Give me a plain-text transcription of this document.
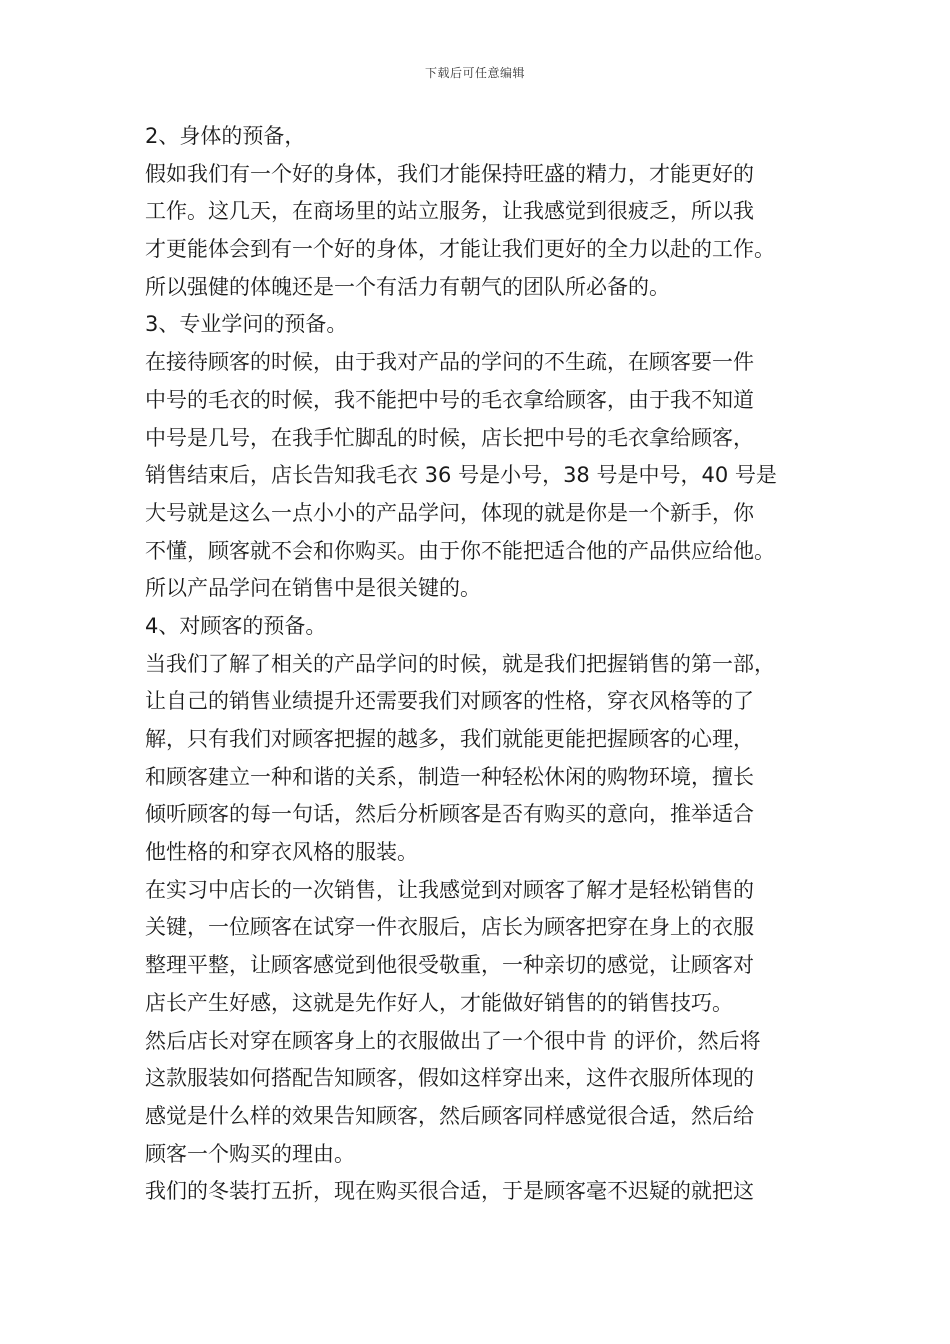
下载后可任意编辑
2、身体的预备，
假如我们有一个好的身体，我们才能保持旺盛的精力，才能更好的
工作。这几天，在商场里的站立服务，让我感觉到很疲乏，所以我
才更能体会到有一个好的身体，才能让我们更好的全力以赴的工作。
所以强健的体魄还是一个有活力有朝气的团队所必备的。
3、专业学问的预备。
在接待顾客的时候，由于我对产品的学问的不生疏，在顾客要一件
中号的毛衣的时候，我不能把中号的毛衣拿给顾客，由于我不知道
中号是几号，在我手忙脚乱的时候，店长把中号的毛衣拿给顾客，
销售结束后，店长告知我毛衣 36 号是小号，38 号是中号，40 号是
大号就是这么一点小小的产品学问，体现的就是你是一个新手，你
不懂，顾客就不会和你购买。由于你不能把适合他的产品供应给他。
所以产品学问在销售中是很关键的。
4、对顾客的预备。
当我们了解了相关的产品学问的时候，就是我们把握销售的第一部，
让自己的销售业绩提升还需要我们对顾客的性格，穿衣风格等的了
解，只有我们对顾客把握的越多，我们就能更能把握顾客的心理，
和顾客建立一种和谐的关系，制造一种轻松休闲的购物环境，擅长
倾听顾客的每一句话，然后分析顾客是否有购买的意向，推举适合
他性格的和穿衣风格的服装。
在实习中店长的一次销售，让我感觉到对顾客了解才是轻松销售的
关键，一位顾客在试穿一件衣服后，店长为顾客把穿在身上的衣服
整理平整，让顾客感觉到他很受敬重，一种亲切的感觉，让顾客对
店长产生好感，这就是先作好人，才能做好销售的的销售技巧。
然后店长对穿在顾客身上的衣服做出了一个很中肯 的评价，然后将
这款服装如何搭配告知顾客，假如这样穿出来，这件衣服所体现的
感觉是什么样的效果告知顾客，然后顾客同样感觉很合适，然后给
顾客一个购买的理由。
我们的冬装打五折，现在购买很合适，于是顾客毫不迟疑的就把这
